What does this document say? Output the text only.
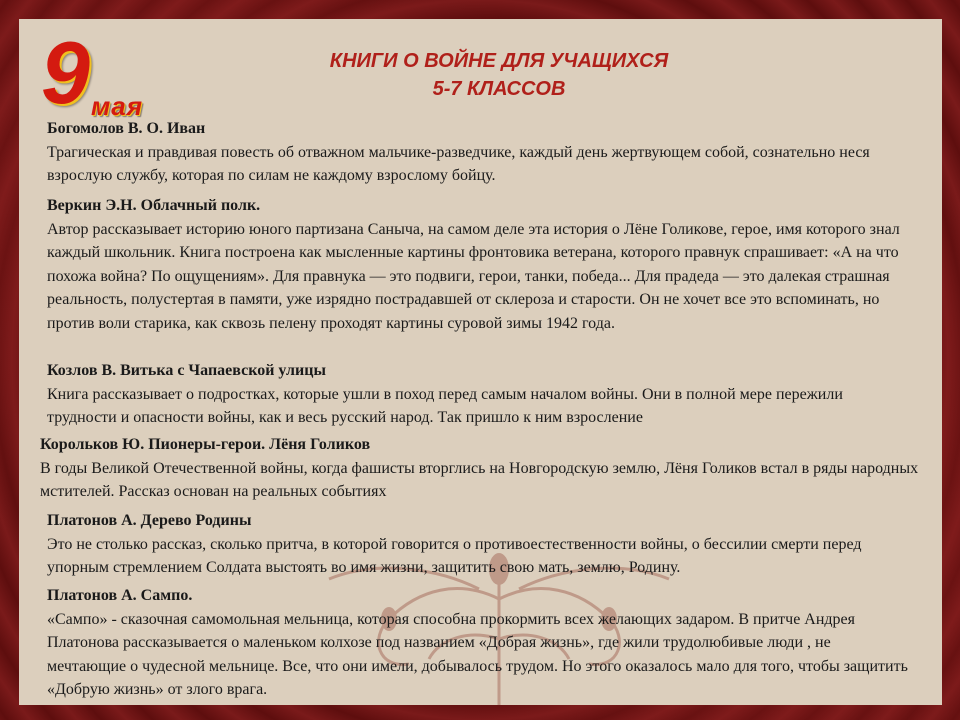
9 мая
КНИГИ О ВОЙНЕ ДЛЯ УЧАЩИХСЯ
5-7 КЛАССОВ
Богомолов В. О. Иван
Трагическая и правдивая повесть об отважном мальчике-разведчике, каждый день жертвующем собой, сознательно неся взрослую службу, которая по силам не каждому взрослому бойцу.
Веркин Э.Н. Облачный полк.
Автор рассказывает историю юного партизана Саныча, на самом деле эта история о Лёне Голикове, герое, имя которого знал каждый школьник. Книга построена как мысленные картины фронтовика ветерана, которого правнук спрашивает: «А на что похожа война? По ощущениям». Для правнука — это подвиги, герои, танки, победа... Для прадеда — это далекая страшная реальность, полустертая в памяти, уже изрядно пострадавшей от склероза и старости. Он не хочет все это вспоминать, но против воли старика, как сквозь пелену проходят картины суровой зимы 1942 года.
Козлов В. Витька с Чапаевской улицы
Книга рассказывает о подростках, которые ушли в поход перед самым началом войны. Они в полной мере пережили трудности и опасности войны, как и весь русский народ. Так пришло к ним взросление
Корольков Ю. Пионеры-герои. Лёня Голиков
В годы Великой Отечественной войны, когда фашисты вторглись на Новгородскую землю, Лёня Голиков встал в ряды народных мстителей. Рассказ основан на реальных событиях
Платонов А. Дерево Родины
Это не столько рассказ, сколько притча, в которой говорится о противоестественности войны, о бессилии смерти перед упорным стремлением Солдата выстоять во имя жизни, защитить свою мать, землю, Родину.
Платонов А. Сампо.
«Сампо» - сказочная самомольная мельница, которая способна прокормить всех желающих задаром. В притче Андрея Платонова рассказывается о маленьком колхозе под названием «Добрая жизнь», где жили трудолюбивые люди , не мечтающие о чудесной мельнице. Все, что они имели, добывалось трудом. Но этого оказалось мало для того, чтобы защитить «Добрую жизнь» от злого врага.
